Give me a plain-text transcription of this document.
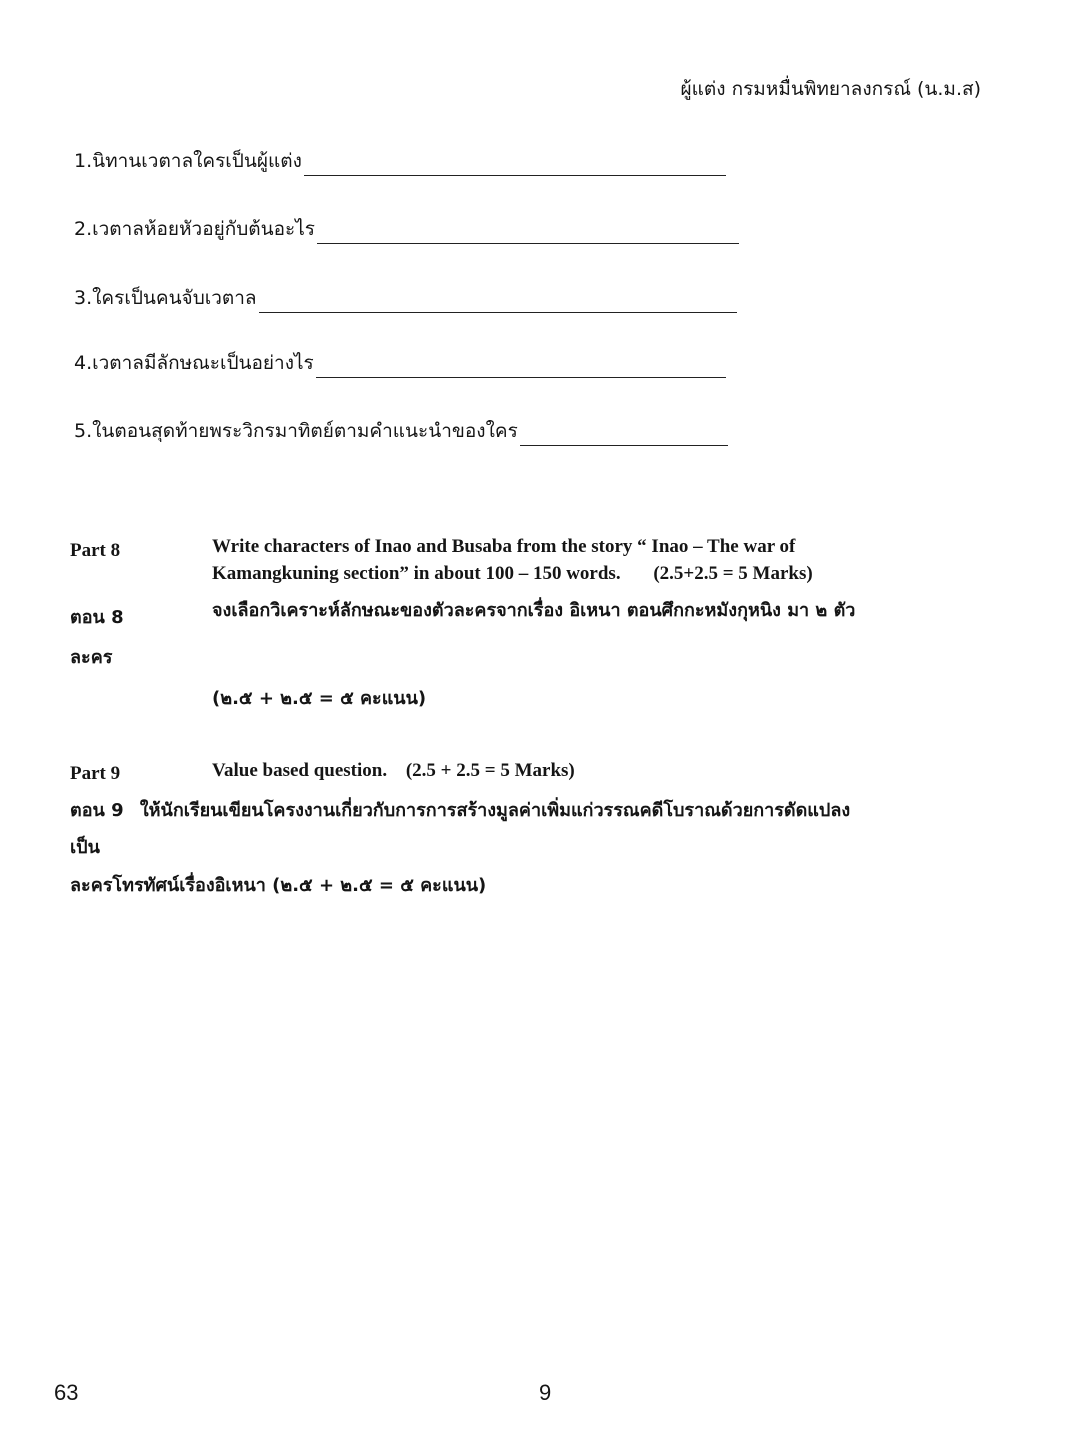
ผู้แต่ง กรมหมื่นพิทยาลงกรณ์ (น.ม.ส)
1.นิทานเวตาลใครเป็นผู้แต่ง
2.เวตาลห้อยหัวอยู่กับต้นอะไร
3.ใครเป็นคนจับเวตาล
4.เวตาลมีลักษณะเป็นอย่างไร
5.ในตอนสุดท้ายพระวิกรมาทิตย์ตามคำแนะนำของใคร
Part 8	Write characters of Inao and Busaba from the story “ Inao – The war of
Kamangkuning section” in about 100 – 150 words. (2.5+2.5 = 5 Marks)
ตอน 8	จงเลือกวิเคราะห์ลักษณะของตัวละครจากเรื่อง อิเหนา ตอนศึกกะหมังกุหนิง มา ๒ ตัว
ละคร
(๒.๕ + ๒.๕ = ๕ คะแนน)
Part 9	Value based question. (2.5 + 2.5 = 5 Marks)
ตอน 9 ให้นักเรียนเขียนโครงงานเกี่ยวกับการการสร้างมูลค่าเพิ่มแก่วรรณคดีโบราณด้วยการดัดแปลง
เป็น
ละครโทรทัศน์เรื่องอิเหนา (๒.๕ + ๒.๕ = ๕ คะแนน)
63	9
